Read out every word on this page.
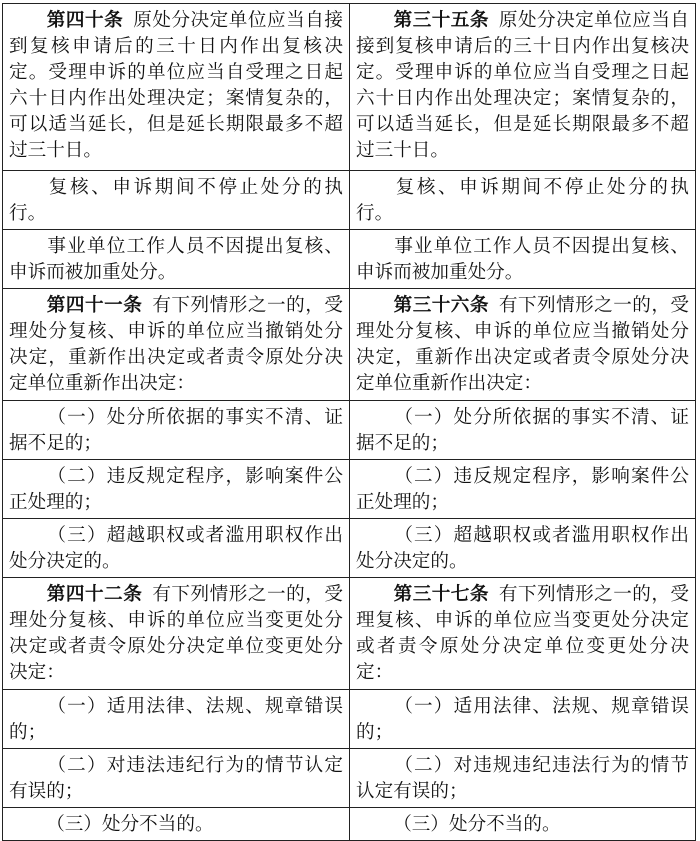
第四十条 原处分决定单位应当自接到复核申请后的三十日内作出复核决定。受理申诉的单位应当自受理之日起六十日内作出处理决定；案情复杂的，可以适当延长，但是延长期限最多不超过三十日。	第三十五条 原处分决定单位应当自接到复核申请后的三十日内作出复核决定。受理申诉的单位应当自受理之日起六十日内作出处理决定；案情复杂的，可以适当延长，但是延长期限最多不超过三十日。
复核、申诉期间不停止处分的执行。	复核、申诉期间不停止处分的执行。
事业单位工作人员不因提出复核、申诉而被加重处分。	事业单位工作人员不因提出复核、申诉而被加重处分。
第四十一条 有下列情形之一的，受理处分复核、申诉的单位应当撤销处分决定，重新作出决定或者责令原处分决定单位重新作出决定：	第三十六条 有下列情形之一的，受理处分复核、申诉的单位应当撤销处分决定，重新作出决定或者责令原处分决定单位重新作出决定：
（一）处分所依据的事实不清、证据不足的；	（一）处分所依据的事实不清、证据不足的；
（二）违反规定程序，影响案件公正处理的；	（二）违反规定程序，影响案件公正处理的；
（三）超越职权或者滥用职权作出处分决定的。	（三）超越职权或者滥用职权作出处分决定的。
第四十二条 有下列情形之一的，受理处分复核、申诉的单位应当变更处分决定或者责令原处分决定单位变更处分决定：	第三十七条 有下列情形之一的，受理复核、申诉的单位应当变更处分决定或者责令原处分决定单位变更处分决定：
（一）适用法律、法规、规章错误的；	（一）适用法律、法规、规章错误的；
（二）对违法违纪行为的情节认定有误的；	（二）对违规违纪违法行为的情节认定有误的；
（三）处分不当的。	（三）处分不当的。
